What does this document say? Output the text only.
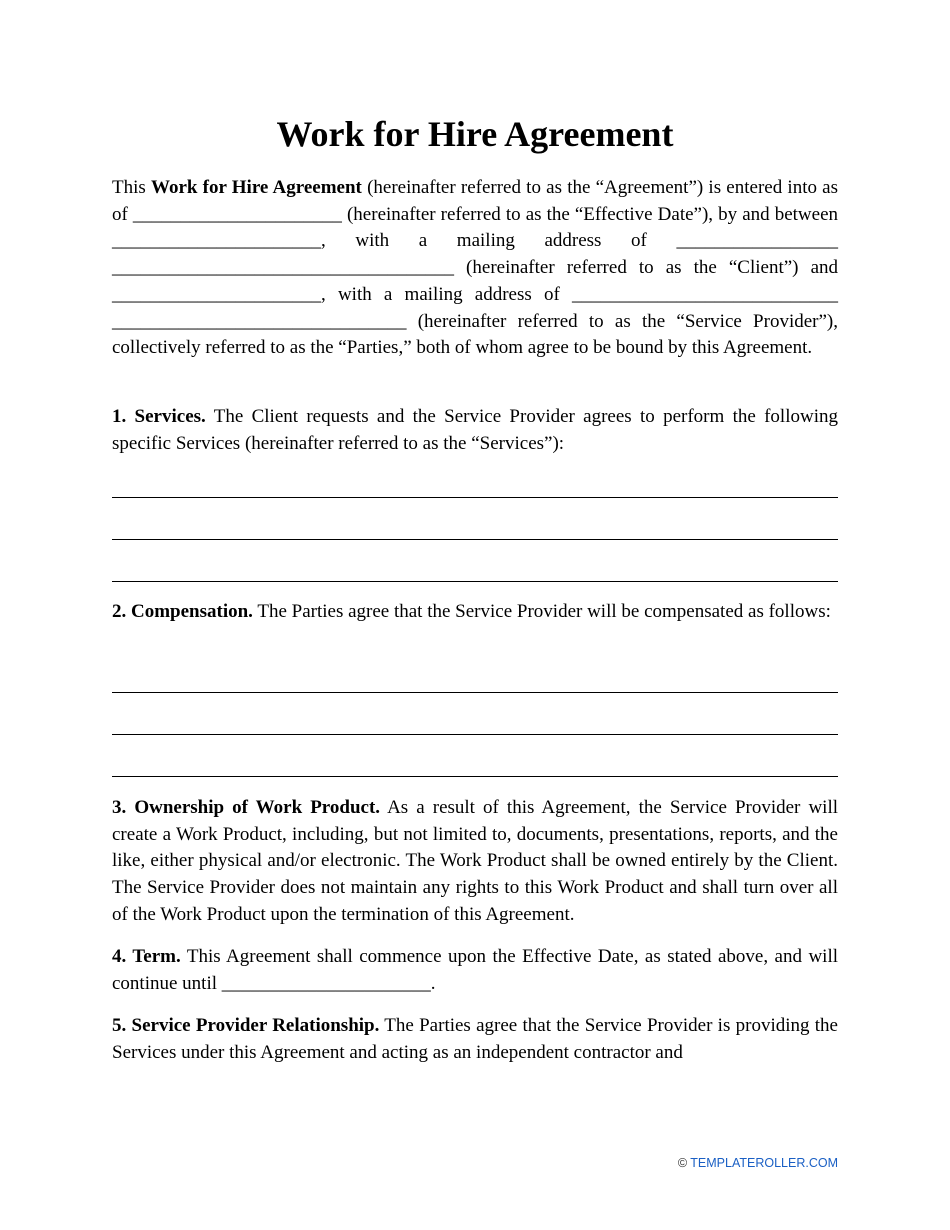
Work for Hire Agreement

This Work for Hire Agreement (hereinafter referred to as the “Agreement”) is entered into as of ______________________ (hereinafter referred to as the “Effective Date”), by and between ______________________, with a mailing address of _________________ ____________________________________ (hereinafter referred to as the “Client”) and ______________________, with a mailing address of ____________________________ _______________________________ (hereinafter referred to as the “Service Provider”), collectively referred to as the “Parties,” both of whom agree to be bound by this Agreement.

1. Services. The Client requests and the Service Provider agrees to perform the following specific Services (hereinafter referred to as the “Services”):

2. Compensation. The Parties agree that the Service Provider will be compensated as follows:

3. Ownership of Work Product. As a result of this Agreement, the Service Provider will create a Work Product, including, but not limited to, documents, presentations, reports, and the like, either physical and/or electronic. The Work Product shall be owned entirely by the Client. The Service Provider does not maintain any rights to this Work Product and shall turn over all of the Work Product upon the termination of this Agreement.

4. Term. This Agreement shall commence upon the Effective Date, as stated above, and will continue until ______________________.

5. Service Provider Relationship. The Parties agree that the Service Provider is providing the Services under this Agreement and acting as an independent contractor and

© TEMPLATEROLLER.COM
